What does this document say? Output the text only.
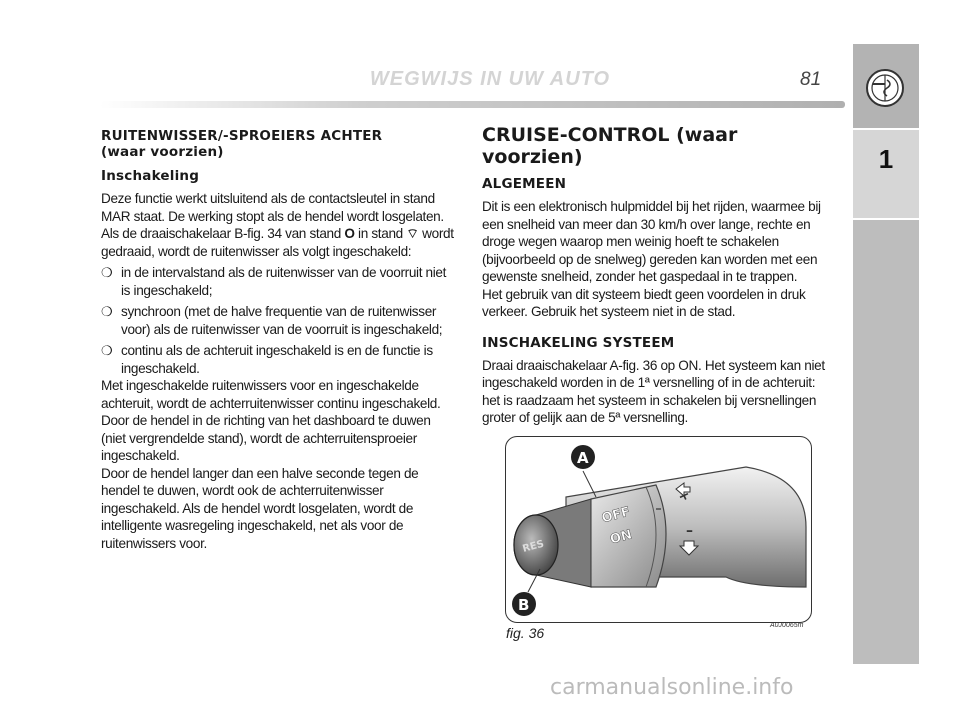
WEGWIJS IN UW AUTO	81
1
RUITENWISSER/-SPROEIERS ACHTER
(waar voorzien)
Inschakeling

Deze functie werkt uitsluitend als de contactsleutel in stand MAR staat. De werking stopt als de hendel wordt losgelaten.

Als de draaischakelaar B-fig. 34 van stand O in stand ⌔ wordt gedraaid, wordt de ruitenwisser als volgt ingeschakeld:

❍ in de intervalstand als de ruitenwisser van de voorruit niet is ingeschakeld;
❍ synchroon (met de halve frequentie van de ruitenwisser voor) als de ruitenwisser van de voorruit is ingeschakeld;
❍ continu als de achteruit ingeschakeld is en de functie is ingeschakeld.

Met ingeschakelde ruitenwissers voor en ingeschakelde achteruit, wordt de achterruitenwisser continu ingeschakeld. Door de hendel in de richting van het dashboard te duwen (niet vergrendelde stand), wordt de achterruitensproeier ingeschakeld.

Door de hendel langer dan een halve seconde tegen de hendel te duwen, wordt ook de achterruitenwisser ingeschakeld. Als de hendel wordt losgelaten, wordt de intelligente wasregeling ingeschakeld, net als voor de ruitenwissers voor.

CRUISE-CONTROL (waar voorzien)
ALGEMEEN

Dit is een elektronisch hulpmiddel bij het rijden, waarmee bij een snelheid van meer dan 30 km/h over lange, rechte en droge wegen waarop men weinig hoeft te schakelen (bijvoorbeeld op de snelweg) gereden kan worden met een gewenste snelheid, zonder het gaspedaal in te trappen.

Het gebruik van dit systeem biedt geen voordelen in druk verkeer. Gebruik het systeem niet in de stad.

INSCHAKELING SYSTEEM

Draai draaischakelaar A-fig. 36 op ON. Het systeem kan niet ingeschakeld worden in de 1ª versnelling of in de achteruit: het is raadzaam het systeem in schakelen bij versnellingen groter of gelijk aan de 5ª versnelling.

RES
OFF
ON	–
A
B
fig. 36	A0J0065m
carmanualsonline.info
